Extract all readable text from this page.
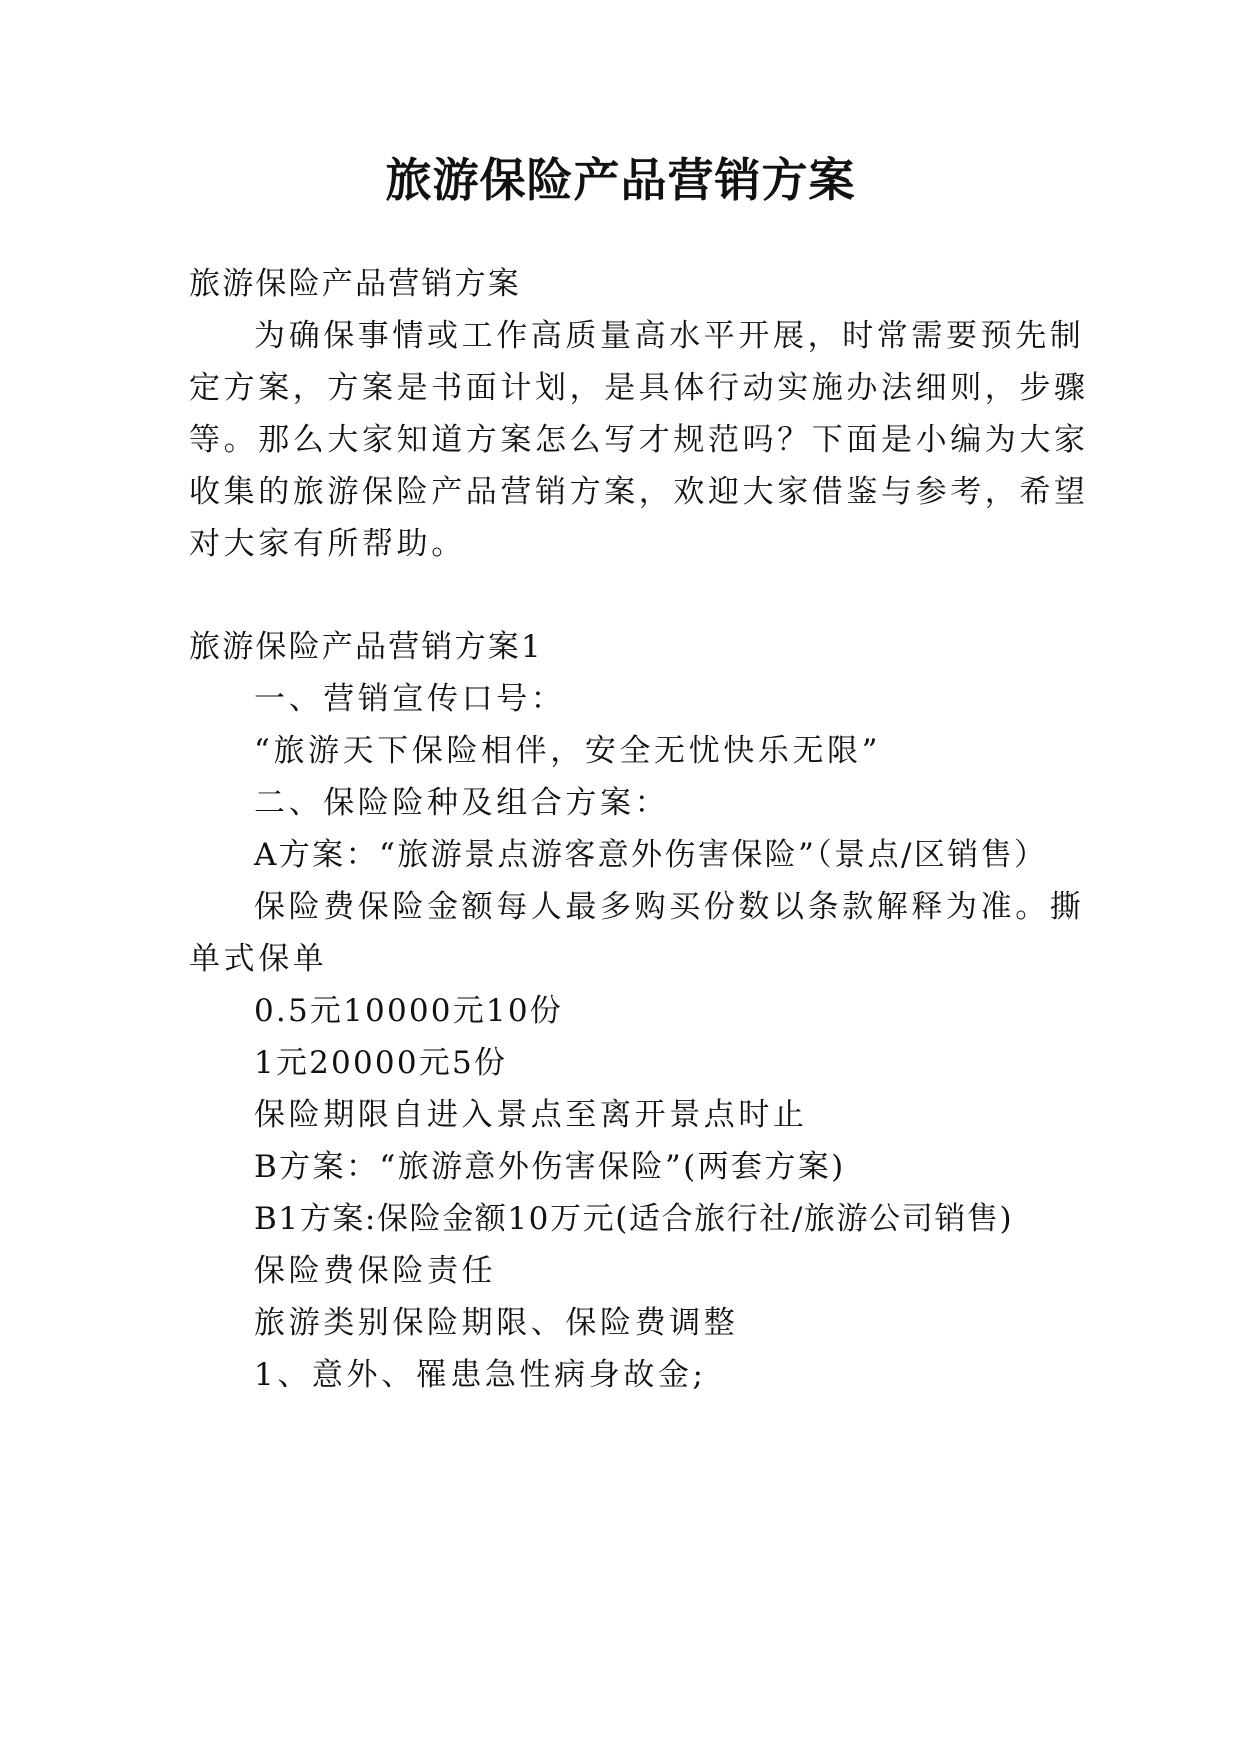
旅游保险产品营销方案

旅游保险产品营销方案

为确保事情或工作高质量高水平开展，时常需要预先制

定方案，方案是书面计划，是具体行动实施办法细则，步骤

等。那么大家知道方案怎么写才规范吗？下面是小编为大家

收集的旅游保险产品营销方案，欢迎大家借鉴与参考，希望

对大家有所帮助。

旅游保险产品营销方案1

一、营销宣传口号：

“旅游天下保险相伴，安全无忧快乐无限”

二、保险险种及组合方案：

A方案：“旅游景点游客意外伤害保险”（景点/区销售）

保险费保险金额每人最多购买份数以条款解释为准。撕

单式保单

0.5元10000元10份

1元20000元5份

保险期限自进入景点至离开景点时止

B方案：“旅游意外伤害保险”(两套方案)

B1方案:保险金额10万元(适合旅行社/旅游公司销售)

保险费保险责任

旅游类别保险期限、保险费调整

1、意外、罹患急性病身故金;
